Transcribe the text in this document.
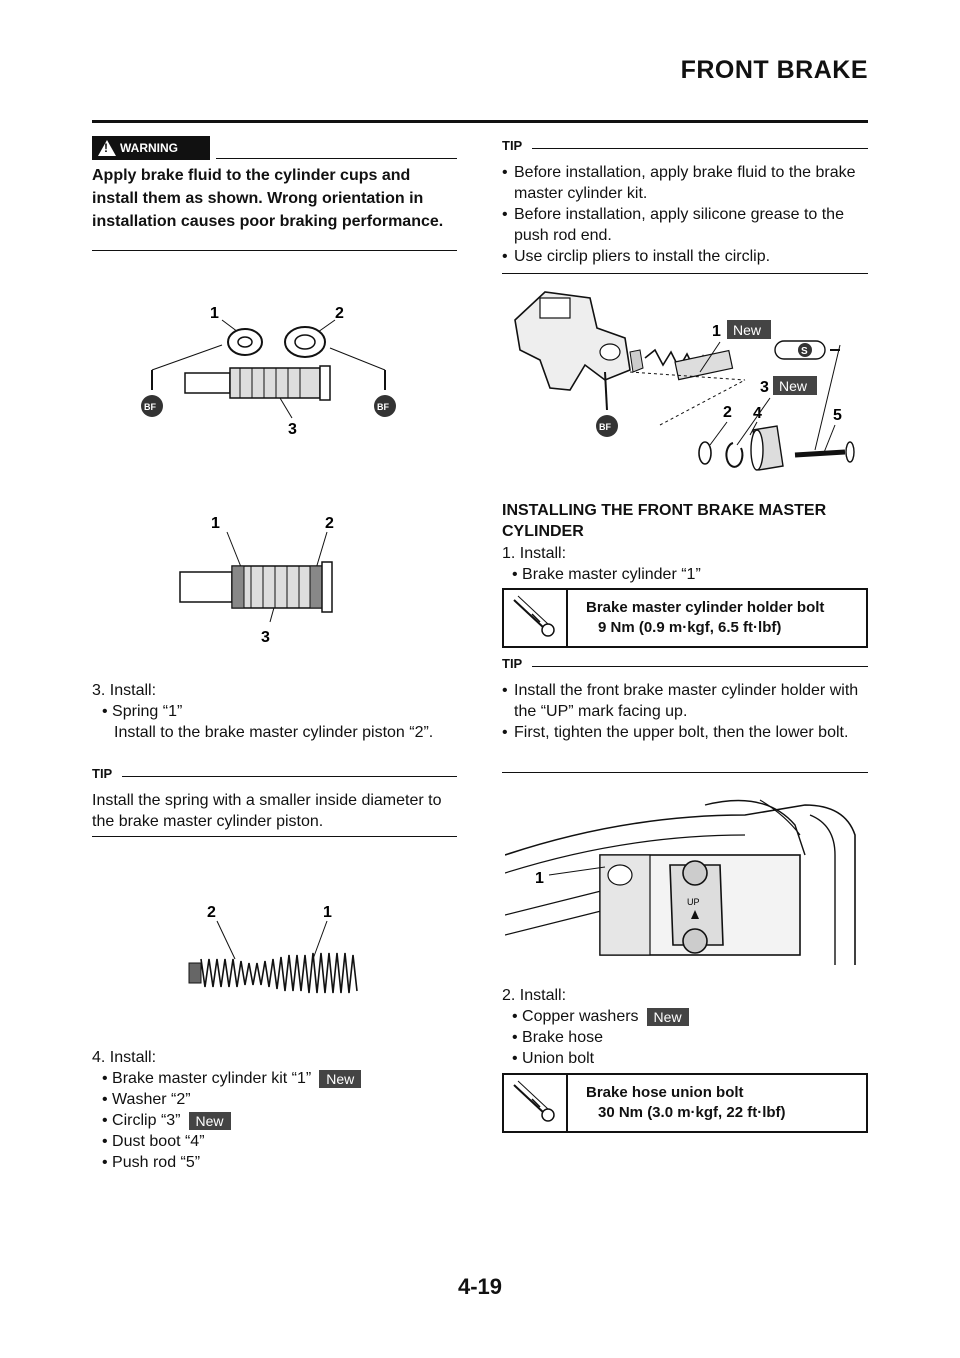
FRONT BRAKE
! WARNING
Apply brake fluid to the cylinder cups and install them as shown. Wrong orientation in installation causes poor braking performance.
1	2
3
BF	BF
1	2
3
3. Install:
• Spring “1”
Install to the brake master cylinder piston “2”.
TIP
Install the spring with a smaller inside diameter to the brake master cylinder piston.
2	1
4. Install:
• Brake master cylinder kit “1” New
• Washer “2”
• Circlip “3” New
• Dust boot “4”
• Push rod “5”
TIP
• Before installation, apply brake fluid to the brake master cylinder kit.
• Before installation, apply silicone grease to the push rod end.
• Use circlip pliers to install the circlip.
1 New
S
3 New
2 4	5
BF
INSTALLING THE FRONT BRAKE MASTER CYLINDER
1. Install:
• Brake master cylinder “1”
Brake master cylinder holder bolt
9 Nm (0.9 m·kgf, 6.5 ft·lbf)
TIP
• Install the front brake master cylinder holder with the “UP” mark facing up.
• First, tighten the upper bolt, then the lower bolt.
UP
1
2. Install:
• Copper washers New
• Brake hose
• Union bolt
Brake hose union bolt
30 Nm (3.0 m·kgf, 22 ft·lbf)
4-19
